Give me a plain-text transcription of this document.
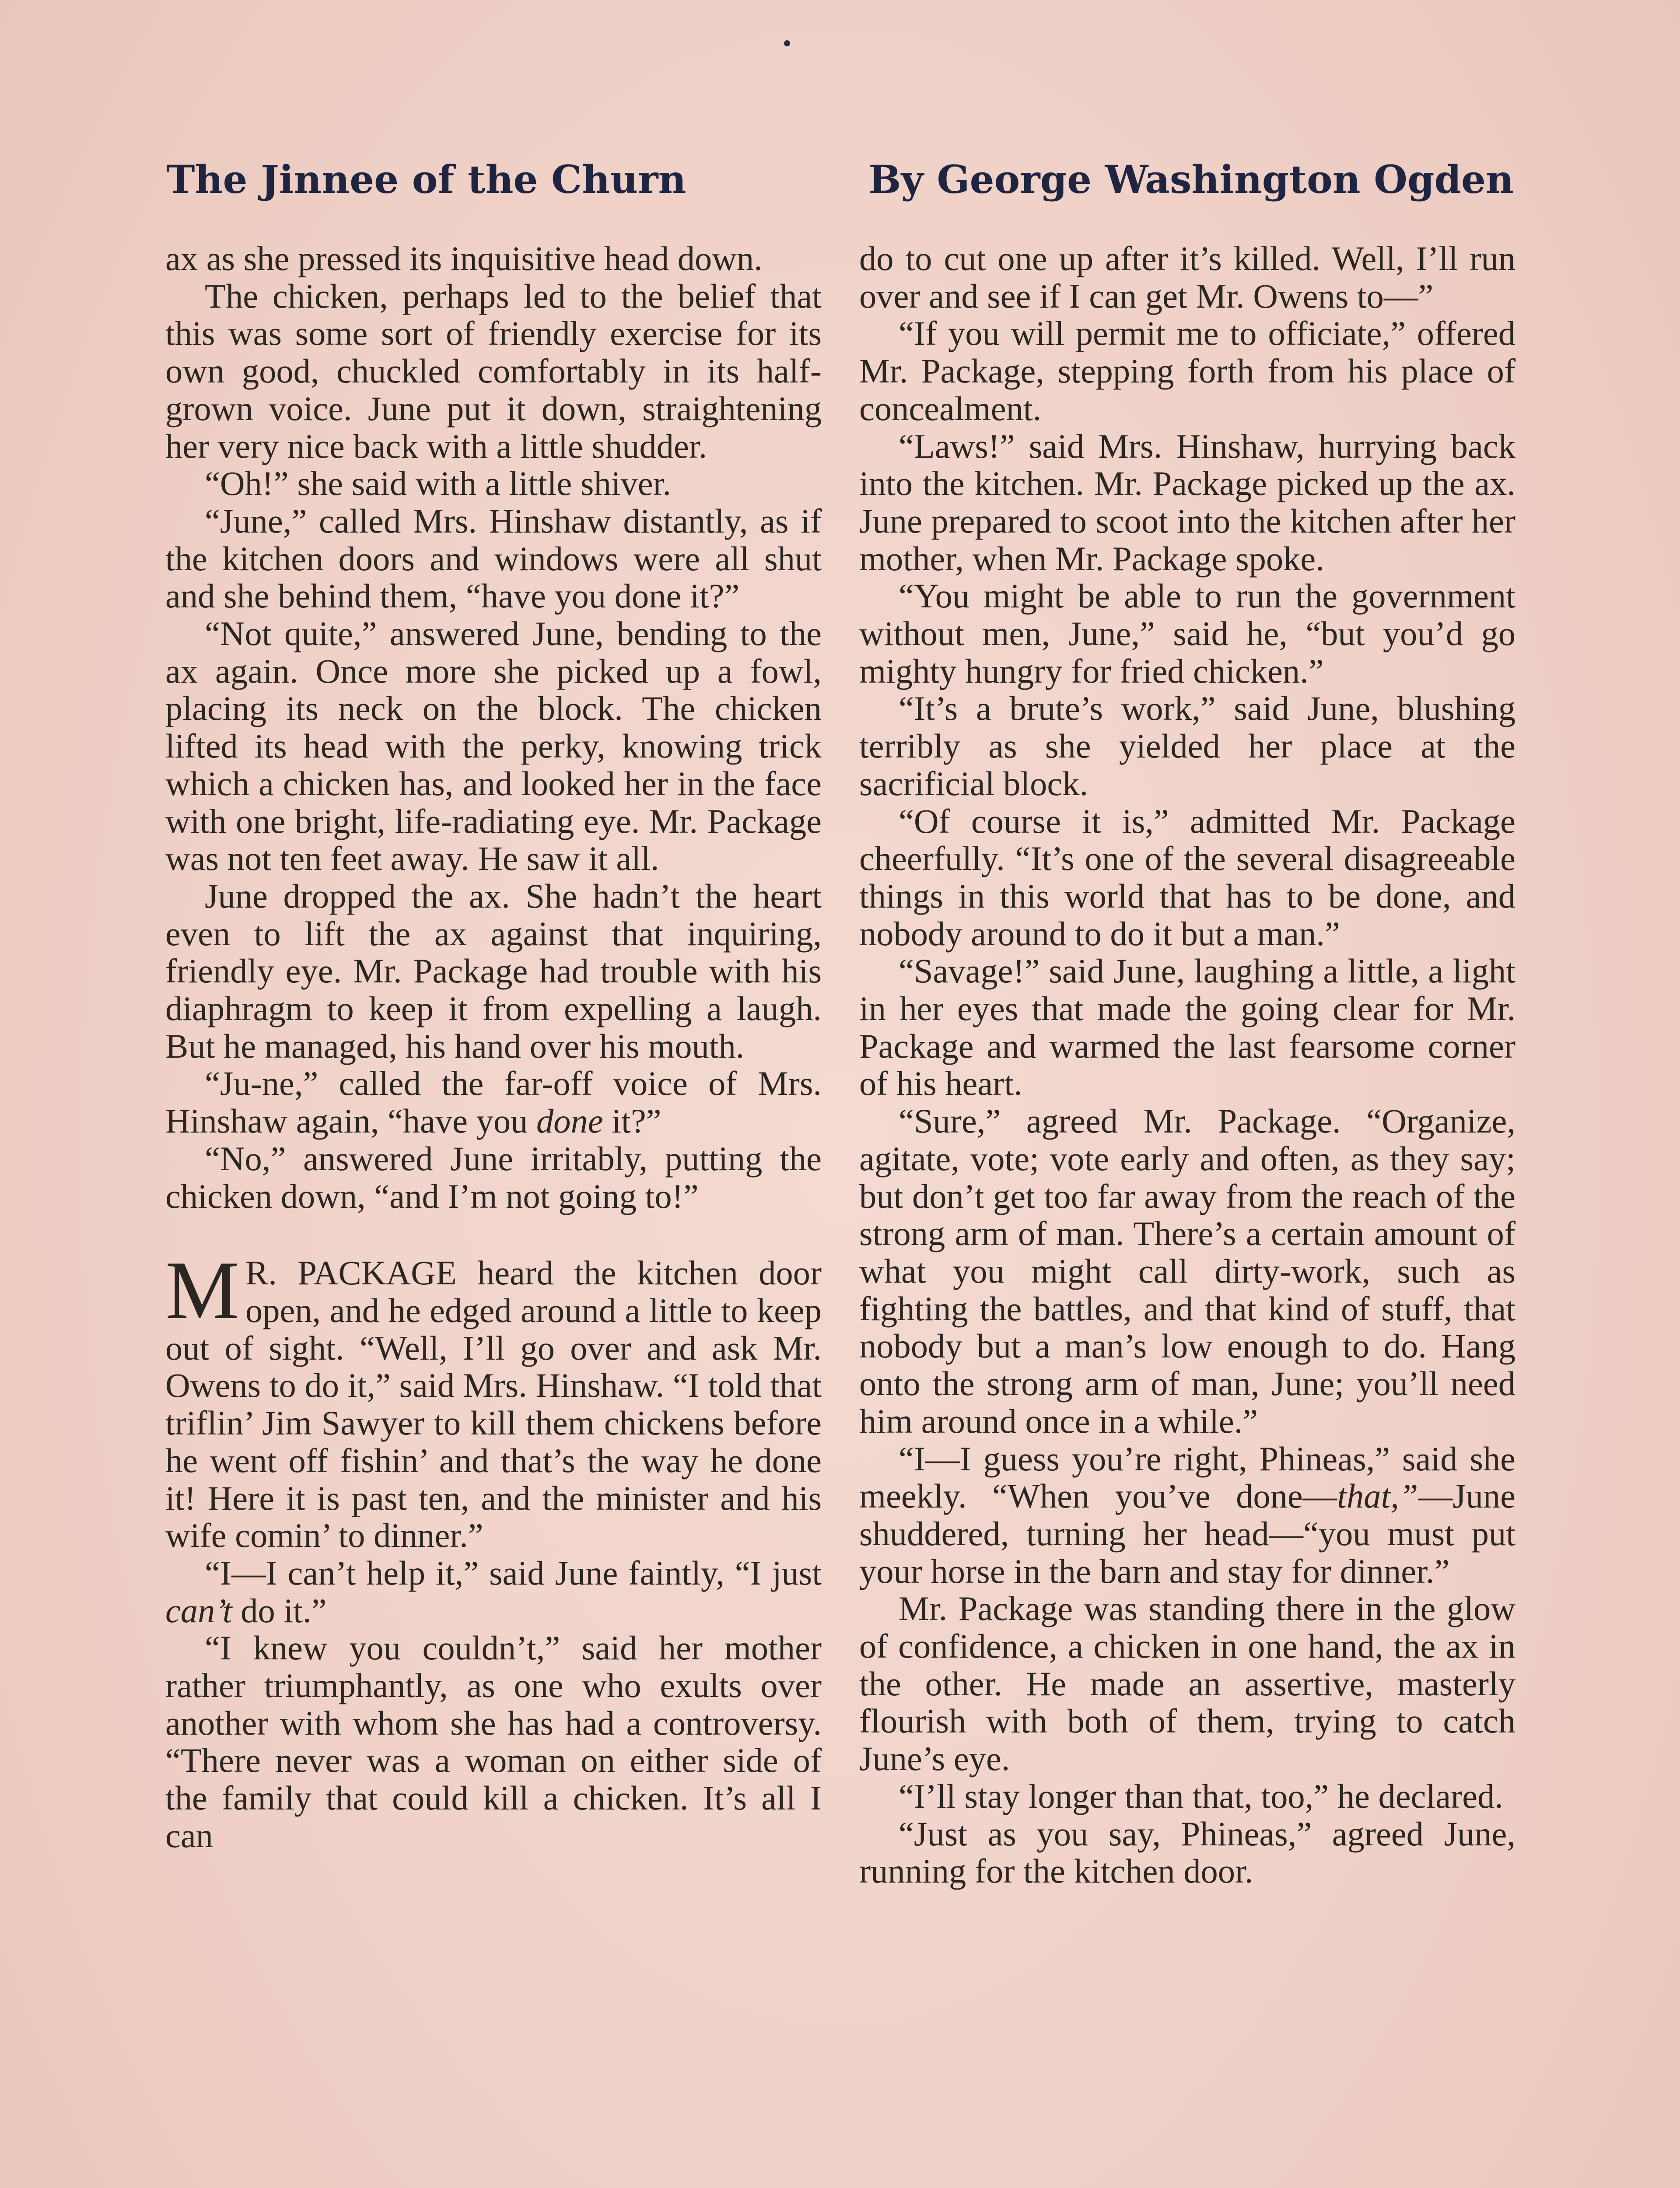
The Jinnee of the Churn	By George Washington Ogden

ax as she pressed its inquisitive head down.

The chicken, perhaps led to the belief that this was some sort of friendly exercise for its own good, chuckled comfortably in its half-grown voice. June put it down, straightening her very nice back with a little shudder.

“Oh!” she said with a little shiver.

“June,” called Mrs. Hinshaw distantly, as if the kitchen doors and windows were all shut and she behind them, “have you done it?”

“Not quite,” answered June, bending to the ax again. Once more she picked up a fowl, placing its neck on the block. The chicken lifted its head with the perky, knowing trick which a chicken has, and looked her in the face with one bright, life-radiating eye. Mr. Package was not ten feet away. He saw it all.

June dropped the ax. She hadn’t the heart even to lift the ax against that inquiring, friendly eye. Mr. Package had trouble with his diaphragm to keep it from expelling a laugh. But he managed, his hand over his mouth.

“Ju-ne,” called the far-off voice of Mrs. Hinshaw again, “have you done it?”

“No,” answered June irritably, putting the chicken down, “and I’m not going to!”

M R. PACKAGE heard the kitchen door open, and he edged around a little to keep out of sight. “Well, I’ll go over and ask Mr. Owens to do it,” said Mrs. Hinshaw. “I told that triflin’ Jim Sawyer to kill them chickens before he went off fishin’ and that’s the way he done it! Here it is past ten, and the minister and his wife comin’ to dinner.”

“I—I can’t help it,” said June faintly, “I just can’t do it.”

“I knew you couldn’t,” said her mother rather triumphantly, as one who exults over another with whom she has had a controversy. “There never was a woman on either side of the family that could kill a chicken. It’s all I can

do to cut one up after it’s killed. Well, I’ll run over and see if I can get Mr. Owens to—”

“If you will permit me to officiate,” offered Mr. Package, stepping forth from his place of concealment.

“Laws!” said Mrs. Hinshaw, hurrying back into the kitchen. Mr. Package picked up the ax. June prepared to scoot into the kitchen after her mother, when Mr. Package spoke.

“You might be able to run the government without men, June,” said he, “but you’d go mighty hungry for fried chicken.”

“It’s a brute’s work,” said June, blushing terribly as she yielded her place at the sacrificial block.

“Of course it is,” admitted Mr. Package cheerfully. “It’s one of the several disagreeable things in this world that has to be done, and nobody around to do it but a man.”

“Savage!” said June, laughing a little, a light in her eyes that made the going clear for Mr. Package and warmed the last fearsome corner of his heart.

“Sure,” agreed Mr. Package. “Organize, agitate, vote; vote early and often, as they say; but don’t get too far away from the reach of the strong arm of man. There’s a certain amount of what you might call dirty-work, such as fighting the battles, and that kind of stuff, that nobody but a man’s low enough to do. Hang onto the strong arm of man, June; you’ll need him around once in a while.”

“I—I guess you’re right, Phineas,” said she meekly. “When you’ve done—that,”—June shuddered, turning her head—“you must put your horse in the barn and stay for dinner.”

Mr. Package was standing there in the glow of confidence, a chicken in one hand, the ax in the other. He made an assertive, masterly flourish with both of them, trying to catch June’s eye.

“I’ll stay longer than that, too,” he declared.

“Just as you say, Phineas,” agreed June, running for the kitchen door.
